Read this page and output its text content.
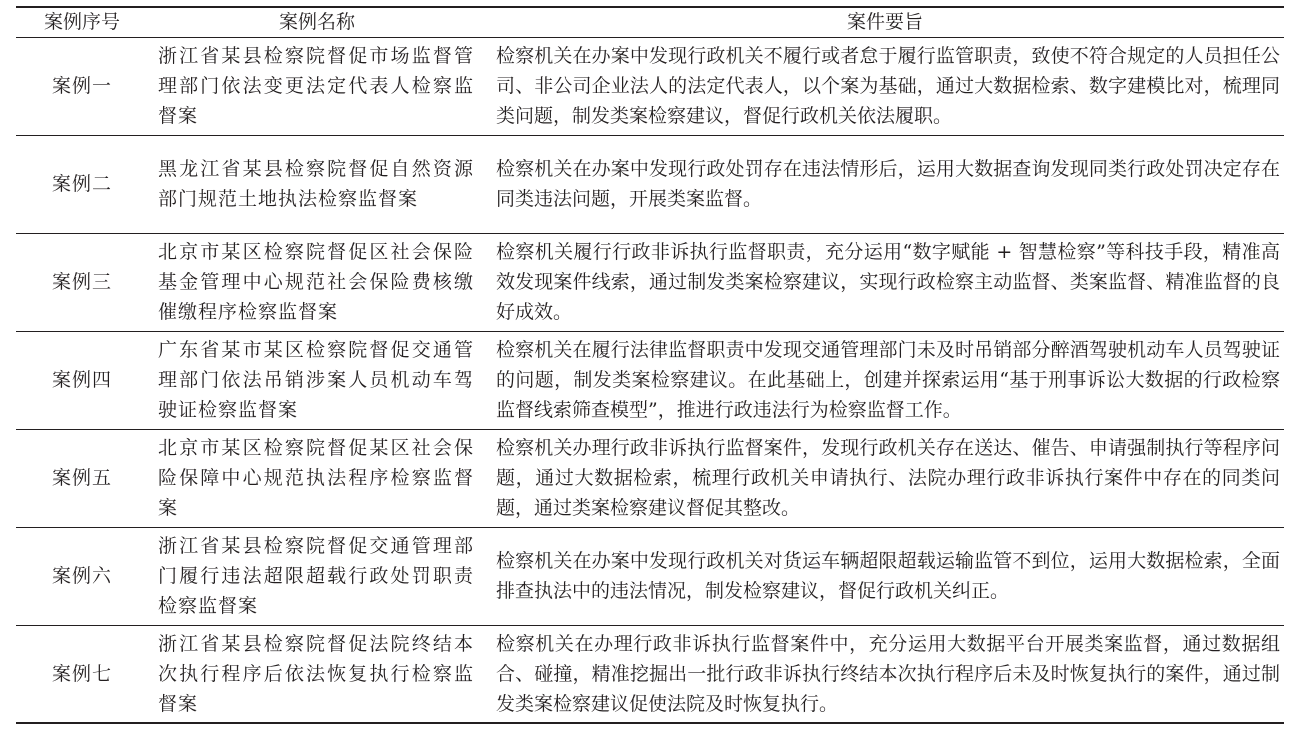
案例序号	案例名称	案件要旨
案例一	浙江省某县检察院督促市场监督管理部门依法变更法定代表人检察监督案	检察机关在办案中发现行政机关不履行或者怠于履行监管职责，致使不符合规定的人员担任公司、非公司企业法人的法定代表人，以个案为基础，通过大数据检索、数字建模比对，梳理同类问题，制发类案检察建议，督促行政机关依法履职。
案例二	黑龙江省某县检察院督促自然资源部门规范土地执法检察监督案	检察机关在办案中发现行政处罚存在违法情形后，运用大数据查询发现同类行政处罚决定存在同类违法问题，开展类案监督。
案例三	北京市某区检察院督促区社会保险基金管理中心规范社会保险费核缴催缴程序检察监督案	检察机关履行行政非诉执行监督职责，充分运用“数字赋能 + 智慧检察”等科技手段，精准高效发现案件线索，通过制发类案检察建议，实现行政检察主动监督、类案监督、精准监督的良好成效。
案例四	广东省某市某区检察院督促交通管理部门依法吊销涉案人员机动车驾驶证检察监督案	检察机关在履行法律监督职责中发现交通管理部门未及时吊销部分醉酒驾驶机动车人员驾驶证的问题，制发类案检察建议。在此基础上，创建并探索运用“基于刑事诉讼大数据的行政检察监督线索筛查模型”，推进行政违法行为检察监督工作。
案例五	北京市某区检察院督促某区社会保险保障中心规范执法程序检察监督案	检察机关办理行政非诉执行监督案件，发现行政机关存在送达、催告、申请强制执行等程序问题，通过大数据检索，梳理行政机关申请执行、法院办理行政非诉执行案件中存在的同类问题，通过类案检察建议督促其整改。
案例六	浙江省某县检察院督促交通管理部门履行违法超限超载行政处罚职责检察监督案	检察机关在办案中发现行政机关对货运车辆超限超载运输监管不到位，运用大数据检索，全面排查执法中的违法情况，制发检察建议，督促行政机关纠正。
案例七	浙江省某县检察院督促法院终结本次执行程序后依法恢复执行检察监督案	检察机关在办理行政非诉执行监督案件中，充分运用大数据平台开展类案监督，通过数据组合、碰撞，精准挖掘出一批行政非诉执行终结本次执行程序后未及时恢复执行的案件，通过制发类案检察建议促使法院及时恢复执行。
